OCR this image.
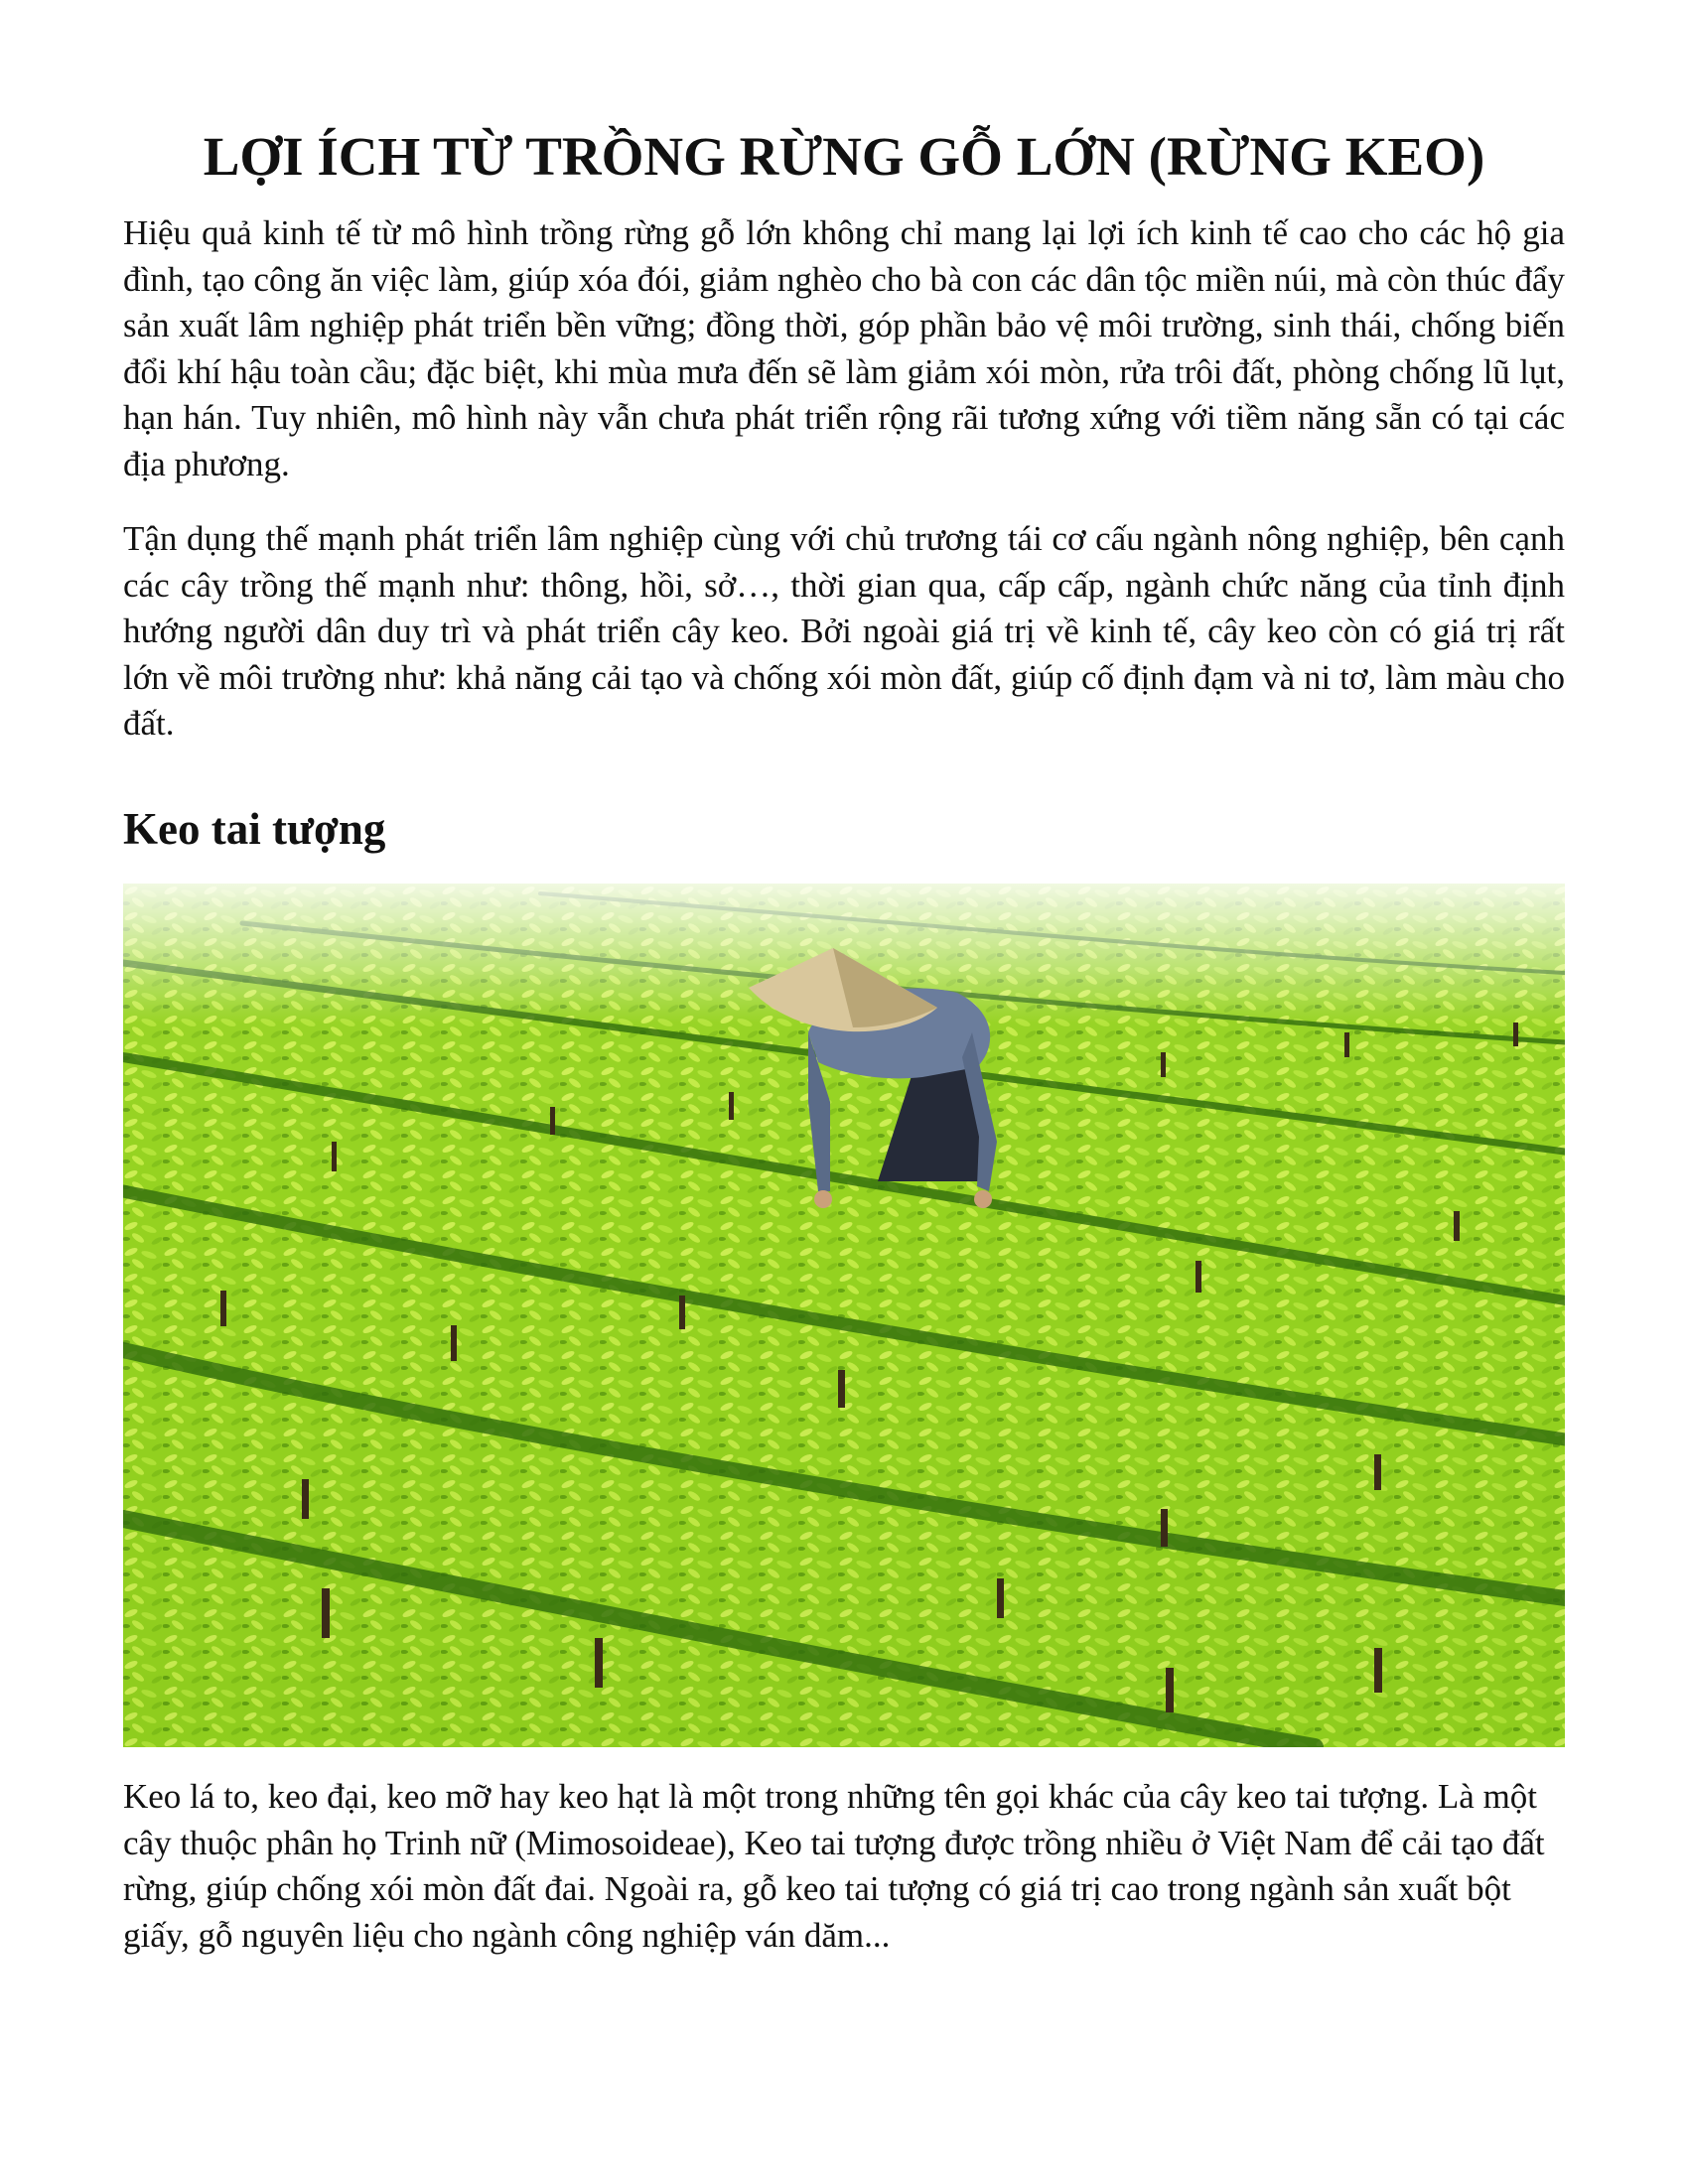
LỢI ÍCH TỪ TRỒNG RỪNG GỖ LỚN (RỪNG KEO)

Hiệu quả kinh tế từ mô hình trồng rừng gỗ lớn không chỉ mang lại lợi ích kinh tế cao cho các hộ gia đình, tạo công ăn việc làm, giúp xóa đói, giảm nghèo cho bà con các dân tộc miền núi, mà còn thúc đẩy sản xuất lâm nghiệp phát triển bền vững; đồng thời, góp phần bảo vệ môi trường, sinh thái, chống biến đổi khí hậu toàn cầu; đặc biệt, khi mùa mưa đến sẽ làm giảm xói mòn, rửa trôi đất, phòng chống lũ lụt, hạn hán. Tuy nhiên, mô hình này vẫn chưa phát triển rộng rãi tương xứng với tiềm năng sẵn có tại các địa phương.

Tận dụng thế mạnh phát triển lâm nghiệp cùng với chủ trương tái cơ cấu ngành nông nghiệp, bên cạnh các cây trồng thế mạnh như: thông, hồi, sở…, thời gian qua, cấp cấp, ngành chức năng của tỉnh định hướng người dân duy trì và phát triển cây keo. Bởi ngoài giá trị về kinh tế, cây keo còn có giá trị rất lớn về môi trường như: khả năng cải tạo và chống xói mòn đất, giúp cố định đạm và ni tơ, làm màu cho đất.

Keo tai tượng

Keo lá to, keo đại, keo mỡ hay keo hạt là một trong những tên gọi khác của cây keo tai tượng. Là một cây thuộc phân họ Trinh nữ (Mimosoideae), Keo tai tượng được trồng nhiều ở Việt Nam để cải tạo đất rừng, giúp chống xói mòn đất đai. Ngoài ra, gỗ keo tai tượng có giá trị cao trong ngành sản xuất bột giấy, gỗ nguyên liệu cho ngành công nghiệp ván dăm...
